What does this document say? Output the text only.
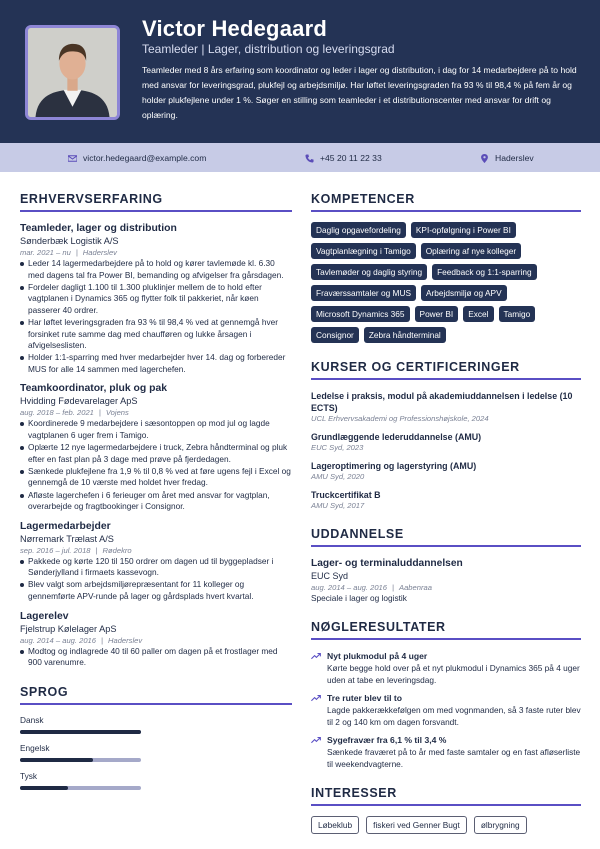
Victor Hedegaard
Teamleder | Lager, distribution og leveringsgrad
Teamleder med 8 års erfaring som koordinator og leder i lager og distribution, i dag for 14 medarbejdere på to hold med ansvar for leveringsgrad, plukfejl og arbejdsmiljø. Har løftet leveringsgraden fra 93 % til 98,4 % på fem år og holder plukfejlene under 1 %. Søger en stilling som teamleder i et distributionscenter med ansvar for drift og oplæring.
victor.hedegaard@example.com	+45 20 11 22 33	Haderslev
ERHVERVSERFARING
Teamleder, lager og distribution
Sønderbæk Logistik A/S
mar. 2021 – nu | Haderslev
Leder 14 lagermedarbejdere på to hold og kører tavlemøde kl. 6.30 med dagens tal fra Power BI, bemanding og afvigelser fra gårsdagen.
Fordeler dagligt 1.100 til 1.300 pluklinjer mellem de to hold efter vagtplanen i Dynamics 365 og flytter folk til pakkeriet, når køen passerer 40 ordrer.
Har løftet leveringsgraden fra 93 % til 98,4 % ved at gennemgå hver forsinket rute samme dag med chaufføren og lukke årsagen i afvigelseslisten.
Holder 1:1-sparring med hver medarbejder hver 14. dag og forbereder MUS for alle 14 sammen med lagerchefen.
Teamkoordinator, pluk og pak
Hvidding Fødevarelager ApS
aug. 2018 – feb. 2021 | Vojens
Koordinerede 9 medarbejdere i sæsontoppen op mod jul og lagde vagtplanen 6 uger frem i Tamigo.
Oplærte 12 nye lagermedarbejdere i truck, Zebra håndterminal og pluk efter en fast plan på 3 dage med prøve på fjerdedagen.
Sænkede plukfejlene fra 1,9 % til 0,8 % ved at føre ugens fejl i Excel og gennemgå de 10 værste med holdet hver fredag.
Afløste lagerchefen i 6 ferieuger om året med ansvar for vagtplan, overarbejde og fragtbookinger i Consignor.
Lagermedarbejder
Nørremark Trælast A/S
sep. 2016 – jul. 2018 | Rødekro
Pakkede og kørte 120 til 150 ordrer om dagen ud til byggepladser i Sønderjylland i firmaets kassevogn.
Blev valgt som arbejdsmiljørepræsentant for 11 kolleger og gennemførte APV-runde på lager og gårdsplads hvert kvartal.
Lagerelev
Fjelstrup Kølelager ApS
aug. 2014 – aug. 2016 | Haderslev
Modtog og indlagrede 40 til 60 paller om dagen på et frostlager med 900 varenumre.
SPROG
Dansk
Engelsk
Tysk
KOMPETENCER
Daglig opgavefordeling	KPI-opfølgning i Power BI
Vagtplanlægning i Tamigo	Oplæring af nye kolleger
Tavlemøder og daglig styring	Feedback og 1:1-sparring
Fraværssamtaler og MUS	Arbejdsmiljø og APV
Microsoft Dynamics 365	Power BI	Excel	Tamigo
Consignor	Zebra håndterminal
KURSER OG CERTIFICERINGER
Ledelse i praksis, modul på akademiuddannelsen i ledelse (10 ECTS)
UCL Erhvervsakademi og Professionshøjskole, 2024
Grundlæggende lederuddannelse (AMU)
EUC Syd, 2023
Lageroptimering og lagerstyring (AMU)
AMU Syd, 2020
Truckcertifikat B
AMU Syd, 2017
UDDANNELSE
Lager- og terminaluddannelsen
EUC Syd
aug. 2014 – aug. 2016 | Aabenraa
Speciale i lager og logistik
NØGLERESULTATER
Nyt plukmodul på 4 uger
Kørte begge hold over på et nyt plukmodul i Dynamics 365 på 4 uger uden at tabe en leveringsdag.
Tre ruter blev til to
Lagde pakkerækkefølgen om med vognmanden, så 3 faste ruter blev til 2 og 140 km om dagen forsvandt.
Sygefravær fra 6,1 % til 3,4 %
Sænkede fraværet på to år med faste samtaler og en fast afløserliste til weekendvagterne.
INTERESSER
Løbeklub	fiskeri ved Genner Bugt	ølbrygning
